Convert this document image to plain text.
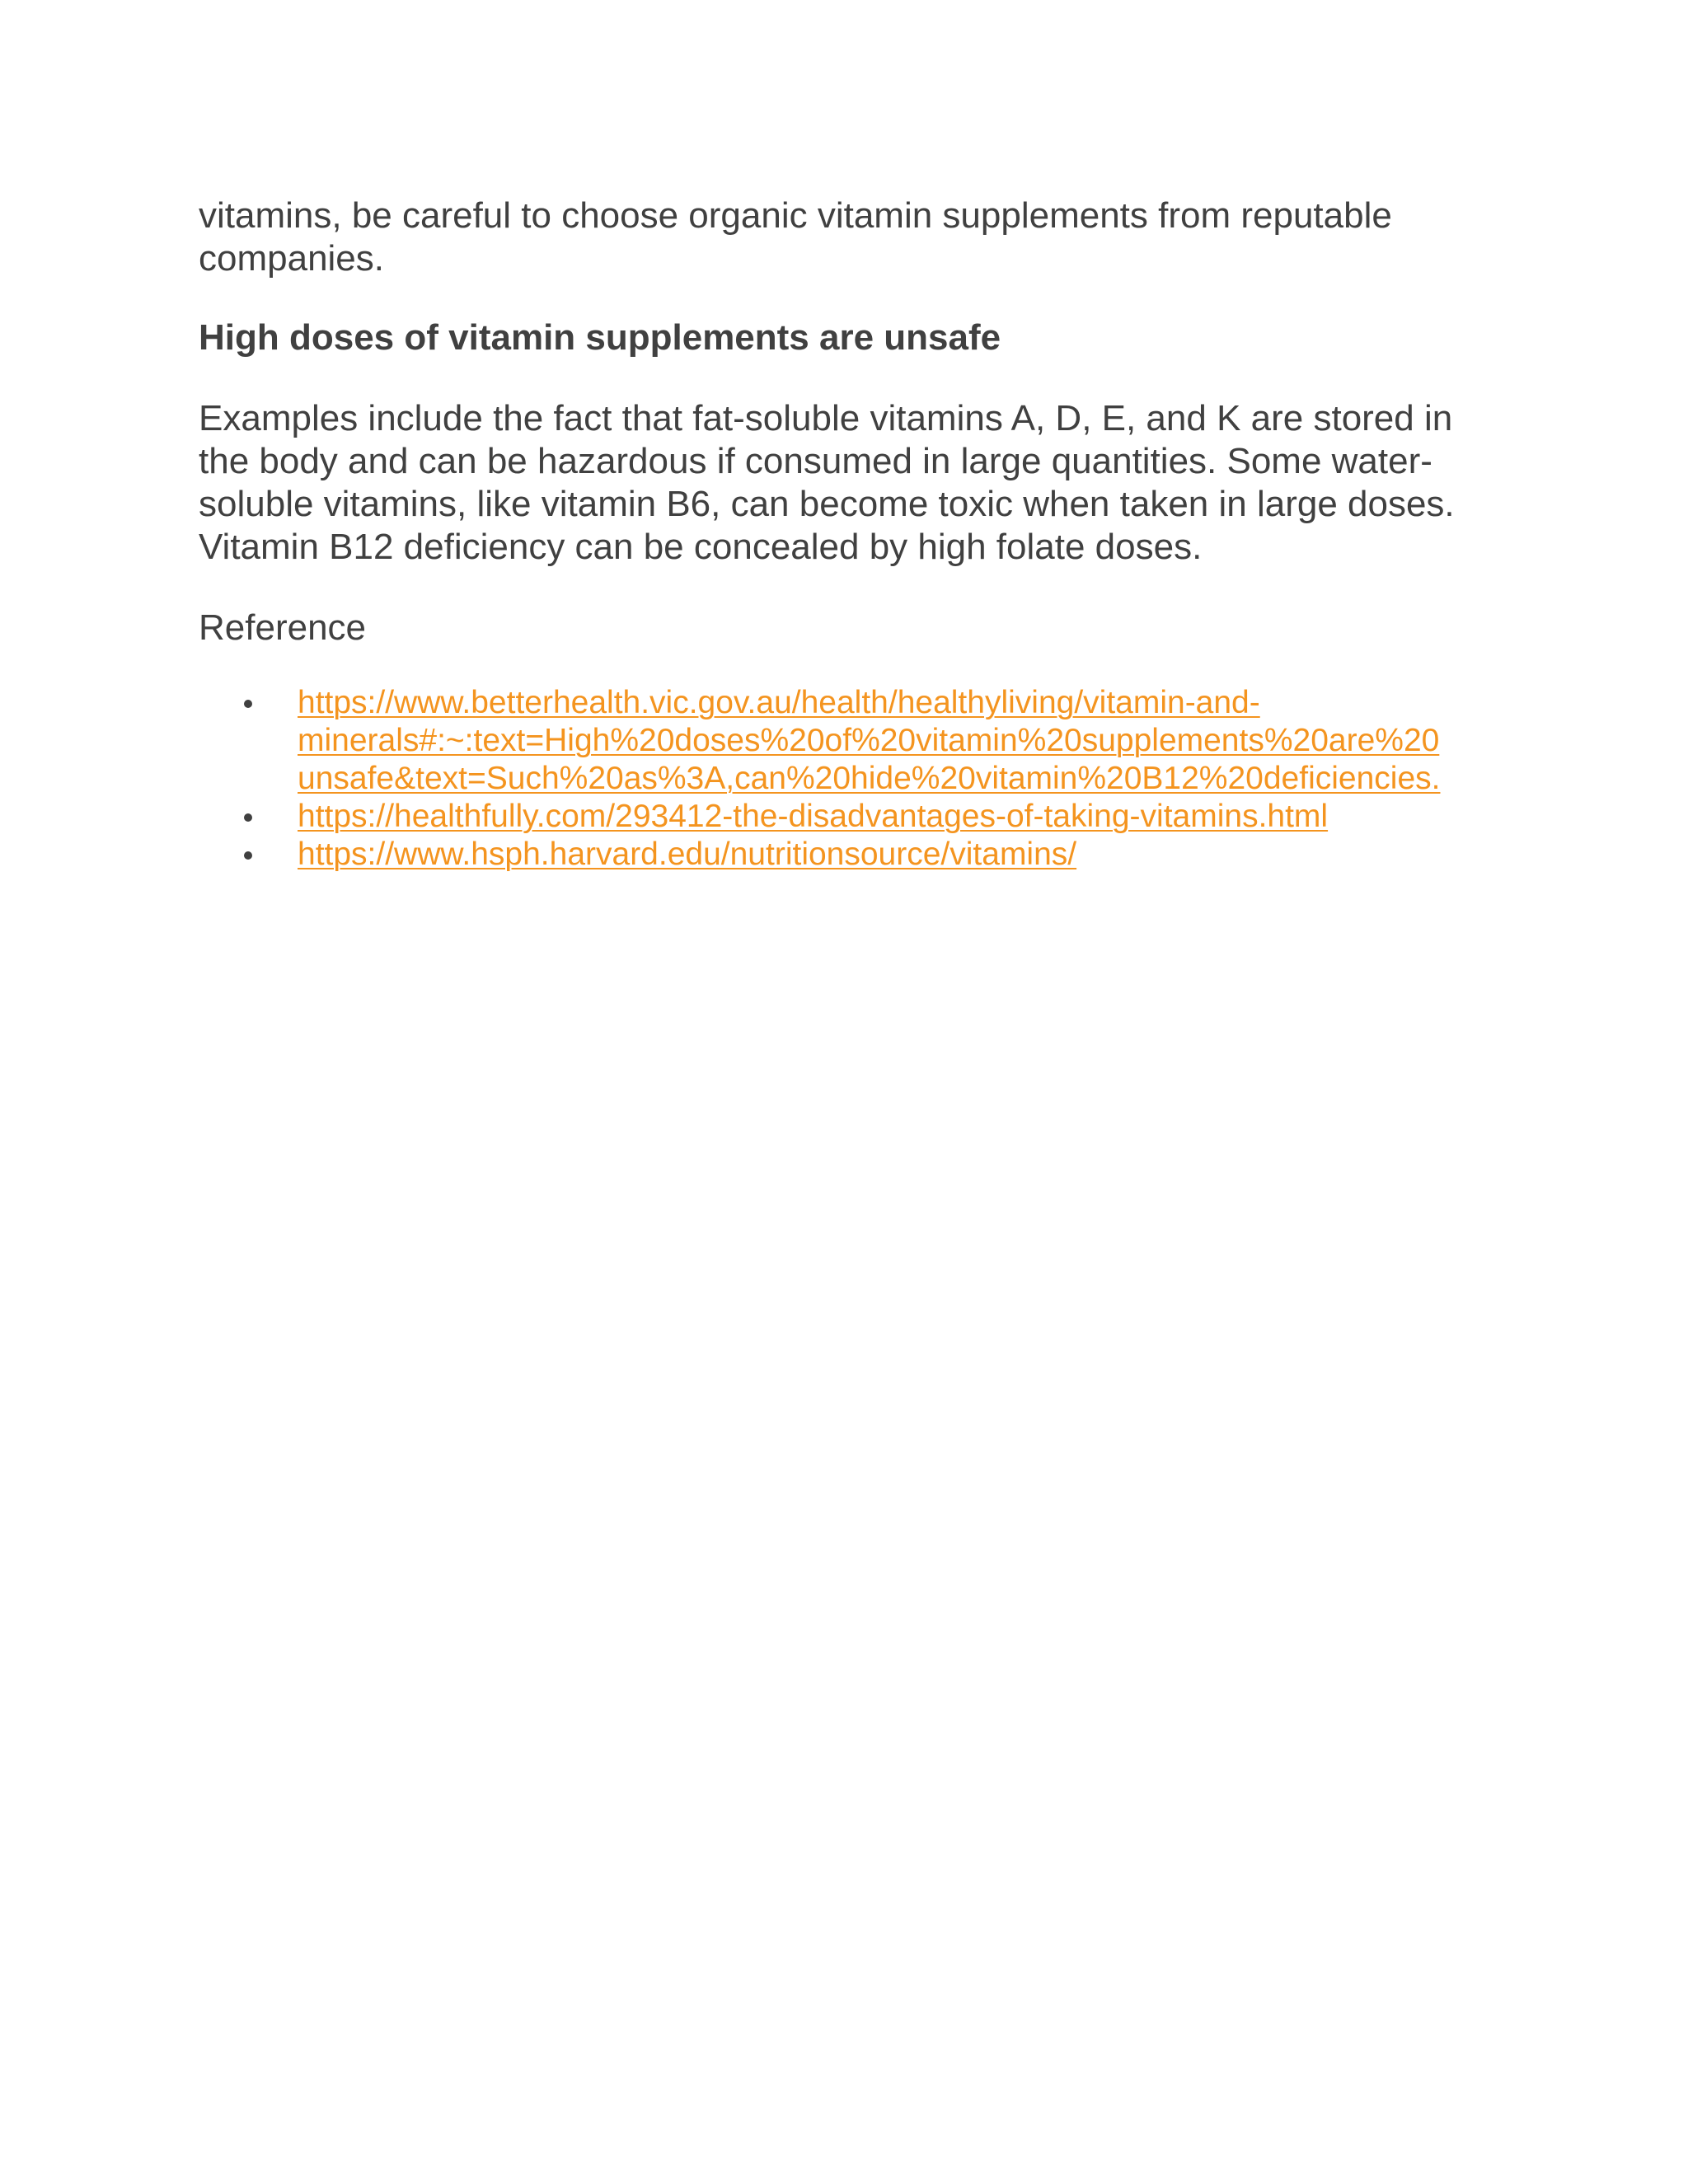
vitamins, be careful to choose organic vitamin supplements from reputable companies.

High doses of vitamin supplements are unsafe

Examples include the fact that fat-soluble vitamins A, D, E, and K are stored in the body and can be hazardous if consumed in large quantities. Some water-soluble vitamins, like vitamin B6, can become toxic when taken in large doses. Vitamin B12 deficiency can be concealed by high folate doses.

Reference

https://www.betterhealth.vic.gov.au/health/healthyliving/vitamin-and-
minerals#:~:text=High%20doses%20of%20vitamin%20supplements%20are%20
unsafe&text=Such%20as%3A,can%20hide%20vitamin%20B12%20deficiencies.
https://healthfully.com/293412-the-disadvantages-of-taking-vitamins.html
https://www.hsph.harvard.edu/nutritionsource/vitamins/
